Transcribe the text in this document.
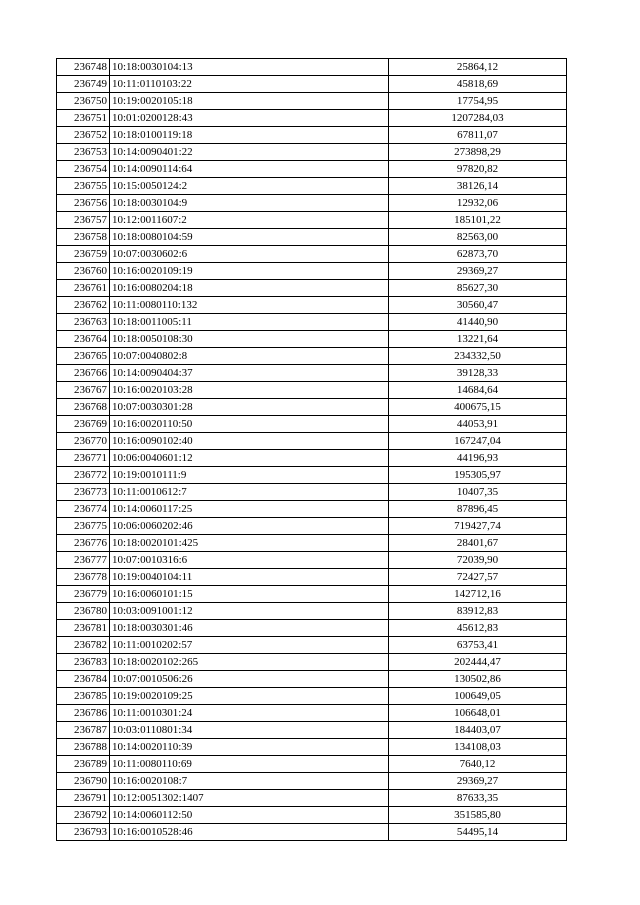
236748	10:18:0030104:13	25864,12
236749	10:11:0110103:22	45818,69
236750	10:19:0020105:18	17754,95
236751	10:01:0200128:43	1207284,03
236752	10:18:0100119:18	67811,07
236753	10:14:0090401:22	273898,29
236754	10:14:0090114:64	97820,82
236755	10:15:0050124:2	38126,14
236756	10:18:0030104:9	12932,06
236757	10:12:0011607:2	185101,22
236758	10:18:0080104:59	82563,00
236759	10:07:0030602:6	62873,70
236760	10:16:0020109:19	29369,27
236761	10:16:0080204:18	85627,30
236762	10:11:0080110:132	30560,47
236763	10:18:0011005:11	41440,90
236764	10:18:0050108:30	13221,64
236765	10:07:0040802:8	234332,50
236766	10:14:0090404:37	39128,33
236767	10:16:0020103:28	14684,64
236768	10:07:0030301:28	400675,15
236769	10:16:0020110:50	44053,91
236770	10:16:0090102:40	167247,04
236771	10:06:0040601:12	44196,93
236772	10:19:0010111:9	195305,97
236773	10:11:0010612:7	10407,35
236774	10:14:0060117:25	87896,45
236775	10:06:0060202:46	719427,74
236776	10:18:0020101:425	28401,67
236777	10:07:0010316:6	72039,90
236778	10:19:0040104:11	72427,57
236779	10:16:0060101:15	142712,16
236780	10:03:0091001:12	83912,83
236781	10:18:0030301:46	45612,83
236782	10:11:0010202:57	63753,41
236783	10:18:0020102:265	202444,47
236784	10:07:0010506:26	130502,86
236785	10:19:0020109:25	100649,05
236786	10:11:0010301:24	106648,01
236787	10:03:0110801:34	184403,07
236788	10:14:0020110:39	134108,03
236789	10:11:0080110:69	7640,12
236790	10:16:0020108:7	29369,27
236791	10:12:0051302:1407	87633,35
236792	10:14:0060112:50	351585,80
236793	10:16:0010528:46	54495,14
